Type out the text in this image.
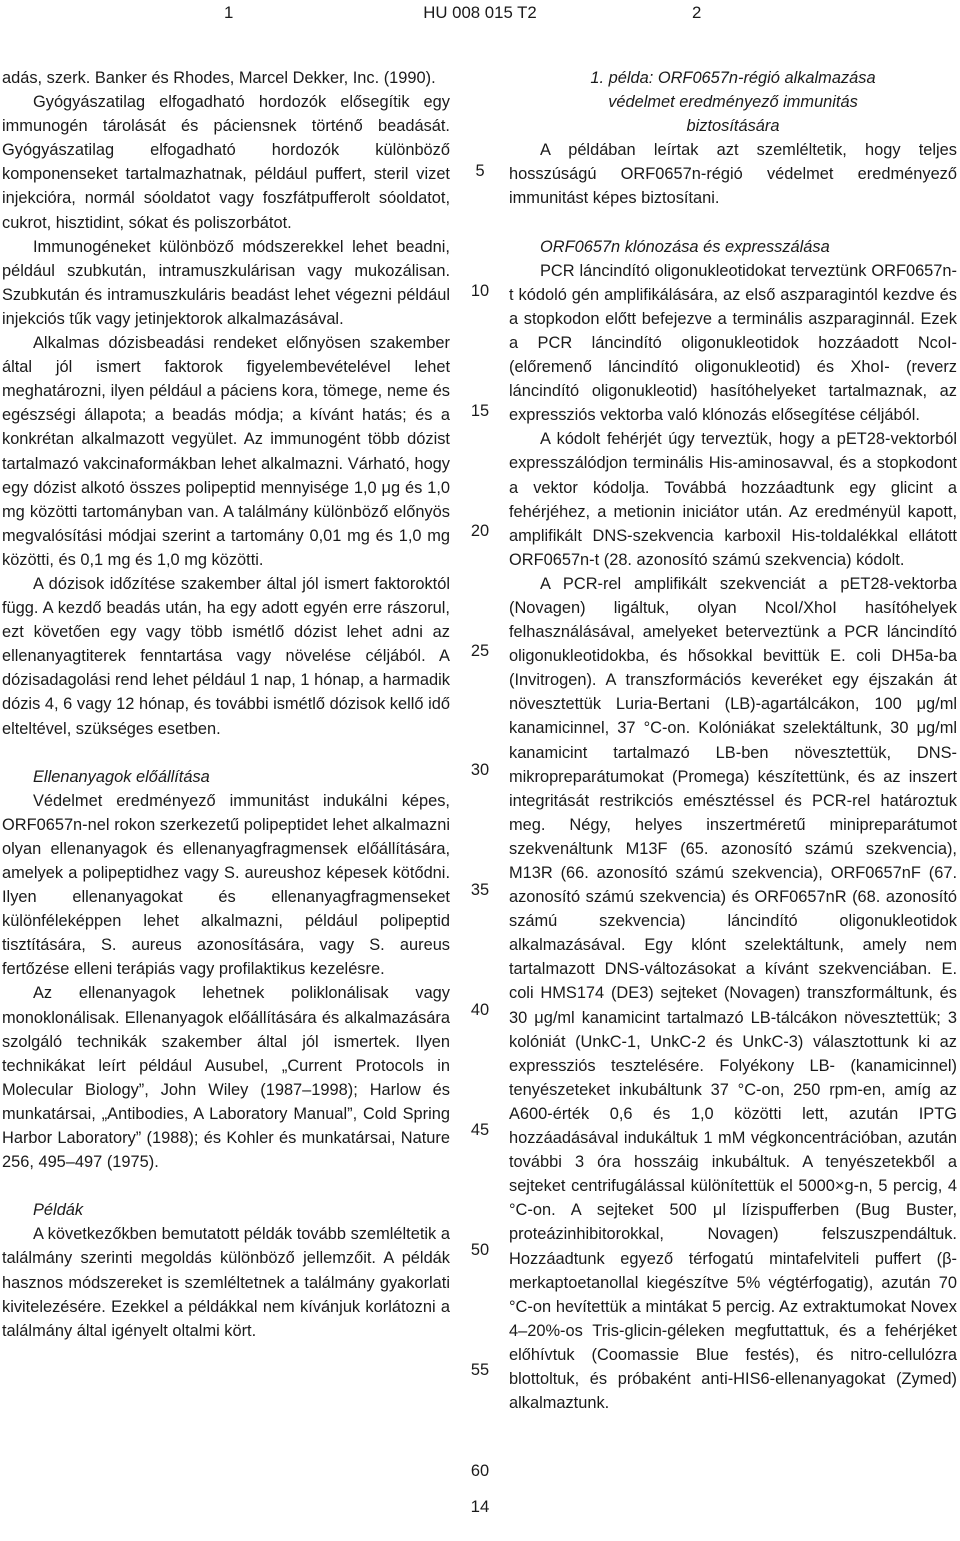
1	HU 008 015 T2	2

adás, szerk. Banker és Rhodes, Marcel Dekker, Inc. (1990).

Gyógyászatilag elfogadható hordozók elősegítik egy immunogén tárolását és páciensnek történő beadását. Gyógyászatilag elfogadható hordozók különböző komponenseket tartalmazhatnak, például puffert, steril vizet injekcióra, normál sóoldatot vagy foszfátpufferolt sóoldatot, cukrot, hisztidint, sókat és poliszorbátot.

Immunogéneket különböző módszerekkel lehet beadni, például szubkután, intramuszkulárisan vagy mukozálisan. Szubkután és intramuszkuláris beadást lehet végezni például injekciós tűk vagy jetinjektorok alkalmazásával.

Alkalmas dózisbeadási rendeket előnyösen szakember által jól ismert faktorok figyelembevételével lehet meghatározni, ilyen például a páciens kora, tömege, neme és egészségi állapota; a beadás módja; a kívánt hatás; és a konkrétan alkalmazott vegyület. Az immunogént több dózist tartalmazó vakcinaformákban lehet alkalmazni. Várható, hogy egy dózist alkotó összes polipeptid mennyisége 1,0 μg és 1,0 mg közötti tartományban van. A találmány különböző előnyös megvalósítási módjai szerint a tartomány 0,01 mg és 1,0 mg közötti, és 0,1 mg és 1,0 mg közötti.

A dózisok időzítése szakember által jól ismert faktoroktól függ. A kezdő beadás után, ha egy adott egyén erre rászorul, ezt követően egy vagy több ismétlő dózist lehet adni az ellenanyagtiterek fenntartása vagy növelése céljából. A dózisadagolási rend lehet például 1 nap, 1 hónap, a harmadik dózis 4, 6 vagy 12 hónap, és további ismétlő dózisok kellő idő elteltével, szükséges esetben.

Ellenanyagok előállítása

Védelmet eredményező immunitást indukálni képes, ORF0657n-nel rokon szerkezetű polipeptidet lehet alkalmazni olyan ellenanyagok és ellenanyagfragmensek előállítására, amelyek a polipeptidhez vagy S. aureushoz képesek kötődni. Ilyen ellenanyagokat és ellenanyagfragmenseket különféleképpen lehet alkalmazni, például polipeptid tisztítására, S. aureus azonosítására, vagy S. aureus fertőzése elleni terápiás vagy profilaktikus kezelésre.

Az ellenanyagok lehetnek poliklonálisak vagy monoklonálisak. Ellenanyagok előállítására és alkalmazására szolgáló technikák szakember által jól ismertek. Ilyen technikákat leírt például Ausubel, „Current Protocols in Molecular Biology”, John Wiley (1987–1998); Harlow és munkatársai, „Antibodies, A Laboratory Manual”, Cold Spring Harbor Laboratory” (1988); és Kohler és munkatársai, Nature 256, 495–497 (1975).

Példák

A következőkben bemutatott példák tovább szemléltetik a találmány szerinti megoldás különböző jellemzőit. A példák hasznos módszereket is szemléltetnek a találmány gyakorlati kivitelezésére. Ezekkel a példákkal nem kívánjuk korlátozni a találmány által igényelt oltalmi kört.

1. példa: ORF0657n-régió alkalmazása

védelmet eredményező immunitás

biztosítására

A példában leírtak azt szemléltetik, hogy teljes hosszúságú ORF0657n-régió védelmet eredményező immunitást képes biztosítani.

ORF0657n klónozása és expresszálása

PCR láncindító oligonukleotidokat terveztünk ORF0657n-t kódoló gén amplifikálására, az első aszparagintól kezdve és a stopkodon előtt befejezve a terminális aszparaginnál. Ezek a PCR láncindító oligonukleotidok hozzáadott NcoI- (előremenő láncindító oligonukleotid) és XhoI- (reverz láncindító oligonukleotid) hasítóhelyeket tartalmaznak, az expressziós vektorba való klónozás elősegítése céljából.

A kódolt fehérjét úgy terveztük, hogy a pET28-vektorból expresszálódjon terminális His-aminosavval, és a stopkodont a vektor kódolja. Továbbá hozzáadtunk egy glicint a fehérjéhez, a metionin iniciátor után. Az eredményül kapott, amplifikált DNS-szekvencia karboxil His-toldalékkal ellátott ORF0657n-t (28. azonosító számú szekvencia) kódolt.

A PCR-rel amplifikált szekvenciát a pET28-vektorba (Novagen) ligáltuk, olyan NcoI/XhoI hasítóhelyek felhasználásával, amelyeket beterveztünk a PCR láncindító oligonukleotidokba, és hősokkal bevittük E. coli DH5a-ba (Invitrogen). A transzformációs keveréket egy éjszakán át növesztettük Luria-Bertani (LB)-agartálcákon, 100 μg/ml kanamicinnel, 37 °C-on. Kolóniákat szelektáltunk, 30 μg/ml kanamicint tartalmazó LB-ben növesztettük, DNS-mikropreparátumokat (Promega) készítettünk, és az inszert integritását restrikciós emésztéssel és PCR-rel határoztuk meg. Négy, helyes inszertméretű minipreparátumot szekvenáltunk M13F (65. azonosító számú szekvencia), M13R (66. azonosító számú szekvencia), ORF0657nF (67. azonosító számú szekvencia) és ORF0657nR (68. azonosító számú szekvencia) láncindító oligonukleotidok alkalmazásával. Egy klónt szelektáltunk, amely nem tartalmazott DNS-változásokat a kívánt szekvenciában. E. coli HMS174 (DE3) sejteket (Novagen) transzformáltunk, és 30 μg/ml kanamicint tartalmazó LB-tálcákon növesztettük; 3 kolóniát (UnkC-1, UnkC-2 és UnkC-3) választottunk ki az expressziós tesztelésére. Folyékony LB- (kanamicinnel) tenyészeteket inkubáltunk 37 °C-on, 250 rpm-en, amíg az A600-érték 0,6 és 1,0 közötti lett, azután IPTG hozzáadásával indukáltuk 1 mM végkoncentrációban, azután további 3 óra hosszáig inkubáltuk. A tenyészetekből a sejteket centrifugálással különítettük el 5000×g-n, 5 percig, 4 °C-on. A sejteket 500 μl lízispufferben (Bug Buster, proteázinhibitorokkal, Novagen) felszuszpendáltuk. Hozzáadtunk egyező térfogatú mintafelviteli puffert (β-merkaptoetanollal kiegészítve 5% végtérfogatig), azután 70 °C-on hevítettük a mintákat 5 percig. Az extraktumokat Novex 4–20%-os Tris-glicin-géleken megfuttattuk, és a fehérjéket előhívtuk (Coomassie Blue festés), és nitro-cellulózra blottoltuk, és próbaként anti-HIS6-ellenanyagokat (Zymed) alkalmaztunk.

5
10
15
20
25
30
35
40
45
50
55
60
14
